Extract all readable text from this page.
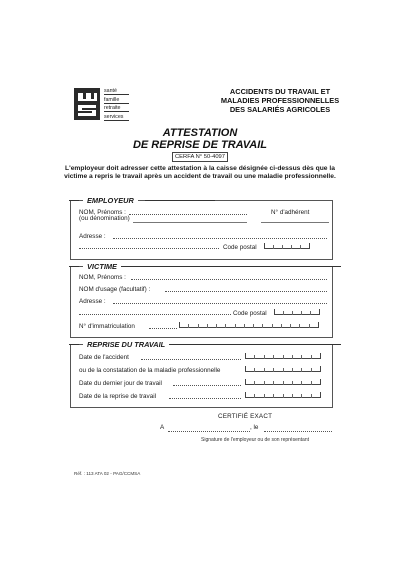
santé
famille
retraite
services
ACCIDENTS DU TRAVAIL ET MALADIES PROFESSIONNELLES DES SALARIÉS AGRICOLES
ATTESTATION
DE REPRISE DE TRAVAIL
CERFA N° 50-4097
L'employeur doit adresser cette attestation à la caisse désignée ci-dessus dès que la victime a repris le travail après un accident de travail ou une maladie professionnelle.
EMPLOYEUR
NOM, Prénoms :
(ou dénomination)
N° d'adhérent
Adresse :
Code postal
VICTIME
NOM, Prénoms :
NOM d'usage (facultatif) :
Adresse :
Code postal
N° d'immatriculation
REPRISE DU TRAVAIL
Date de l'accident
ou de la constatation de la maladie professionnelle
Date du dernier jour de travail
Date de la reprise de travail
CERTIFIÉ EXACT
A	, le
Signature de l'employeur ou de son représentant
Réf. : 113 ATA 02 - PAG/CCMSA
